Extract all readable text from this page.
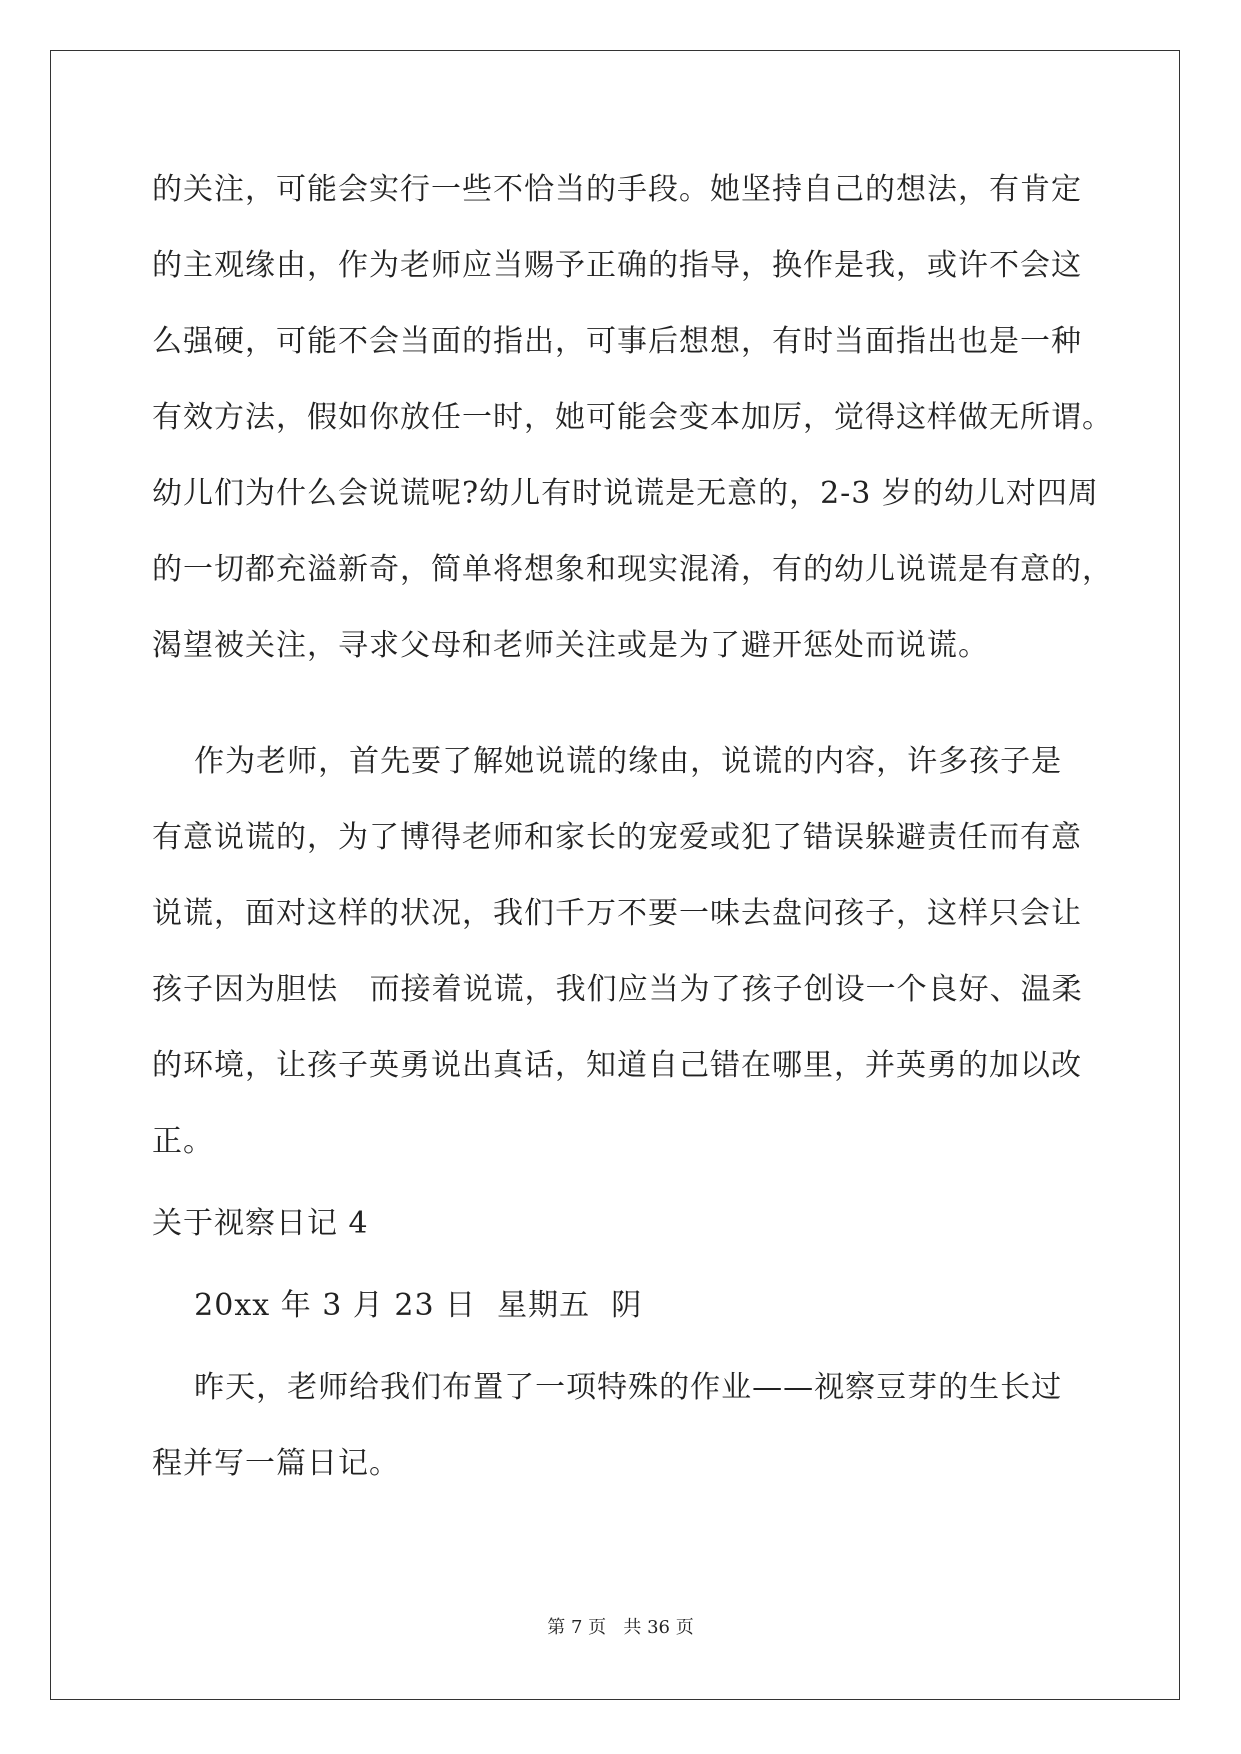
的关注，可能会实行一些不恰当的手段。她坚持自己的想法，有肯定
的主观缘由，作为老师应当赐予正确的指导，换作是我，或许不会这
么强硬，可能不会当面的指出，可事后想想，有时当面指出也是一种
有效方法，假如你放任一时，她可能会变本加厉，觉得这样做无所谓。
幼儿们为什么会说谎呢?幼儿有时说谎是无意的，2-3 岁的幼儿对四周
的一切都充溢新奇，简单将想象和现实混淆，有的幼儿说谎是有意的，
渴望被关注，寻求父母和老师关注或是为了避开惩处而说谎。
作为老师，首先要了解她说谎的缘由，说谎的内容，许多孩子是
有意说谎的，为了博得老师和家长的宠爱或犯了错误躲避责任而有意
说谎，面对这样的状况，我们千万不要一味去盘问孩子，这样只会让
孩子因为胆怯   而接着说谎，我们应当为了孩子创设一个良好、温柔
的环境，让孩子英勇说出真话，知道自己错在哪里，并英勇的加以改
正。
关于视察日记 4
20xx 年 3 月 23 日  星期五  阴
昨天，老师给我们布置了一项特殊的作业——视察豆芽的生长过
程并写一篇日记。
第 7 页 共 36 页
